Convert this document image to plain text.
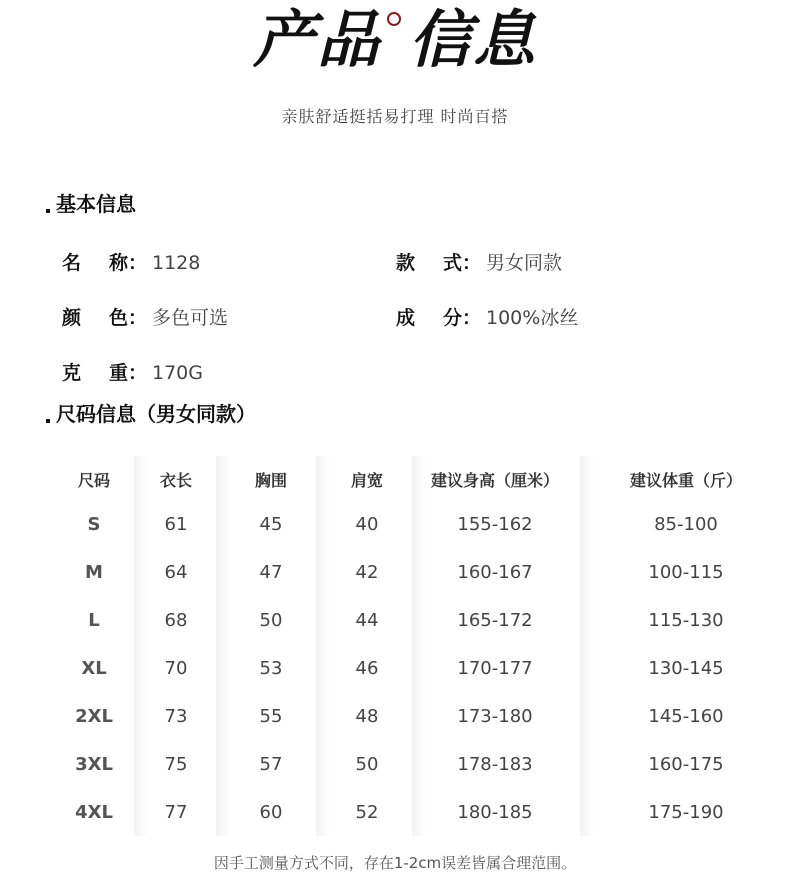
产品 信息
亲肤舒适挺括易打理 时尚百搭
基本信息
名 称： 1128	款 式： 男女同款
颜 色： 多色可选	成 分： 100%冰丝
克 重： 170G
尺码信息（男女同款）
尺码
S
M
L
XL
2XL
3XL
4XL
衣长
61
64
68
70
73
75
77
胸围
45
47
50
53
55
57
60
肩宽
40
42
44
46
48
50
52
建议身高（厘米）
155-162
160-167
165-172
170-177
173-180
178-183
180-185
建议体重（斤）
85-100
100-115
115-130
130-145
145-160
160-175
175-190
因手工测量方式不同，存在1-2cm误差皆属合理范围。
